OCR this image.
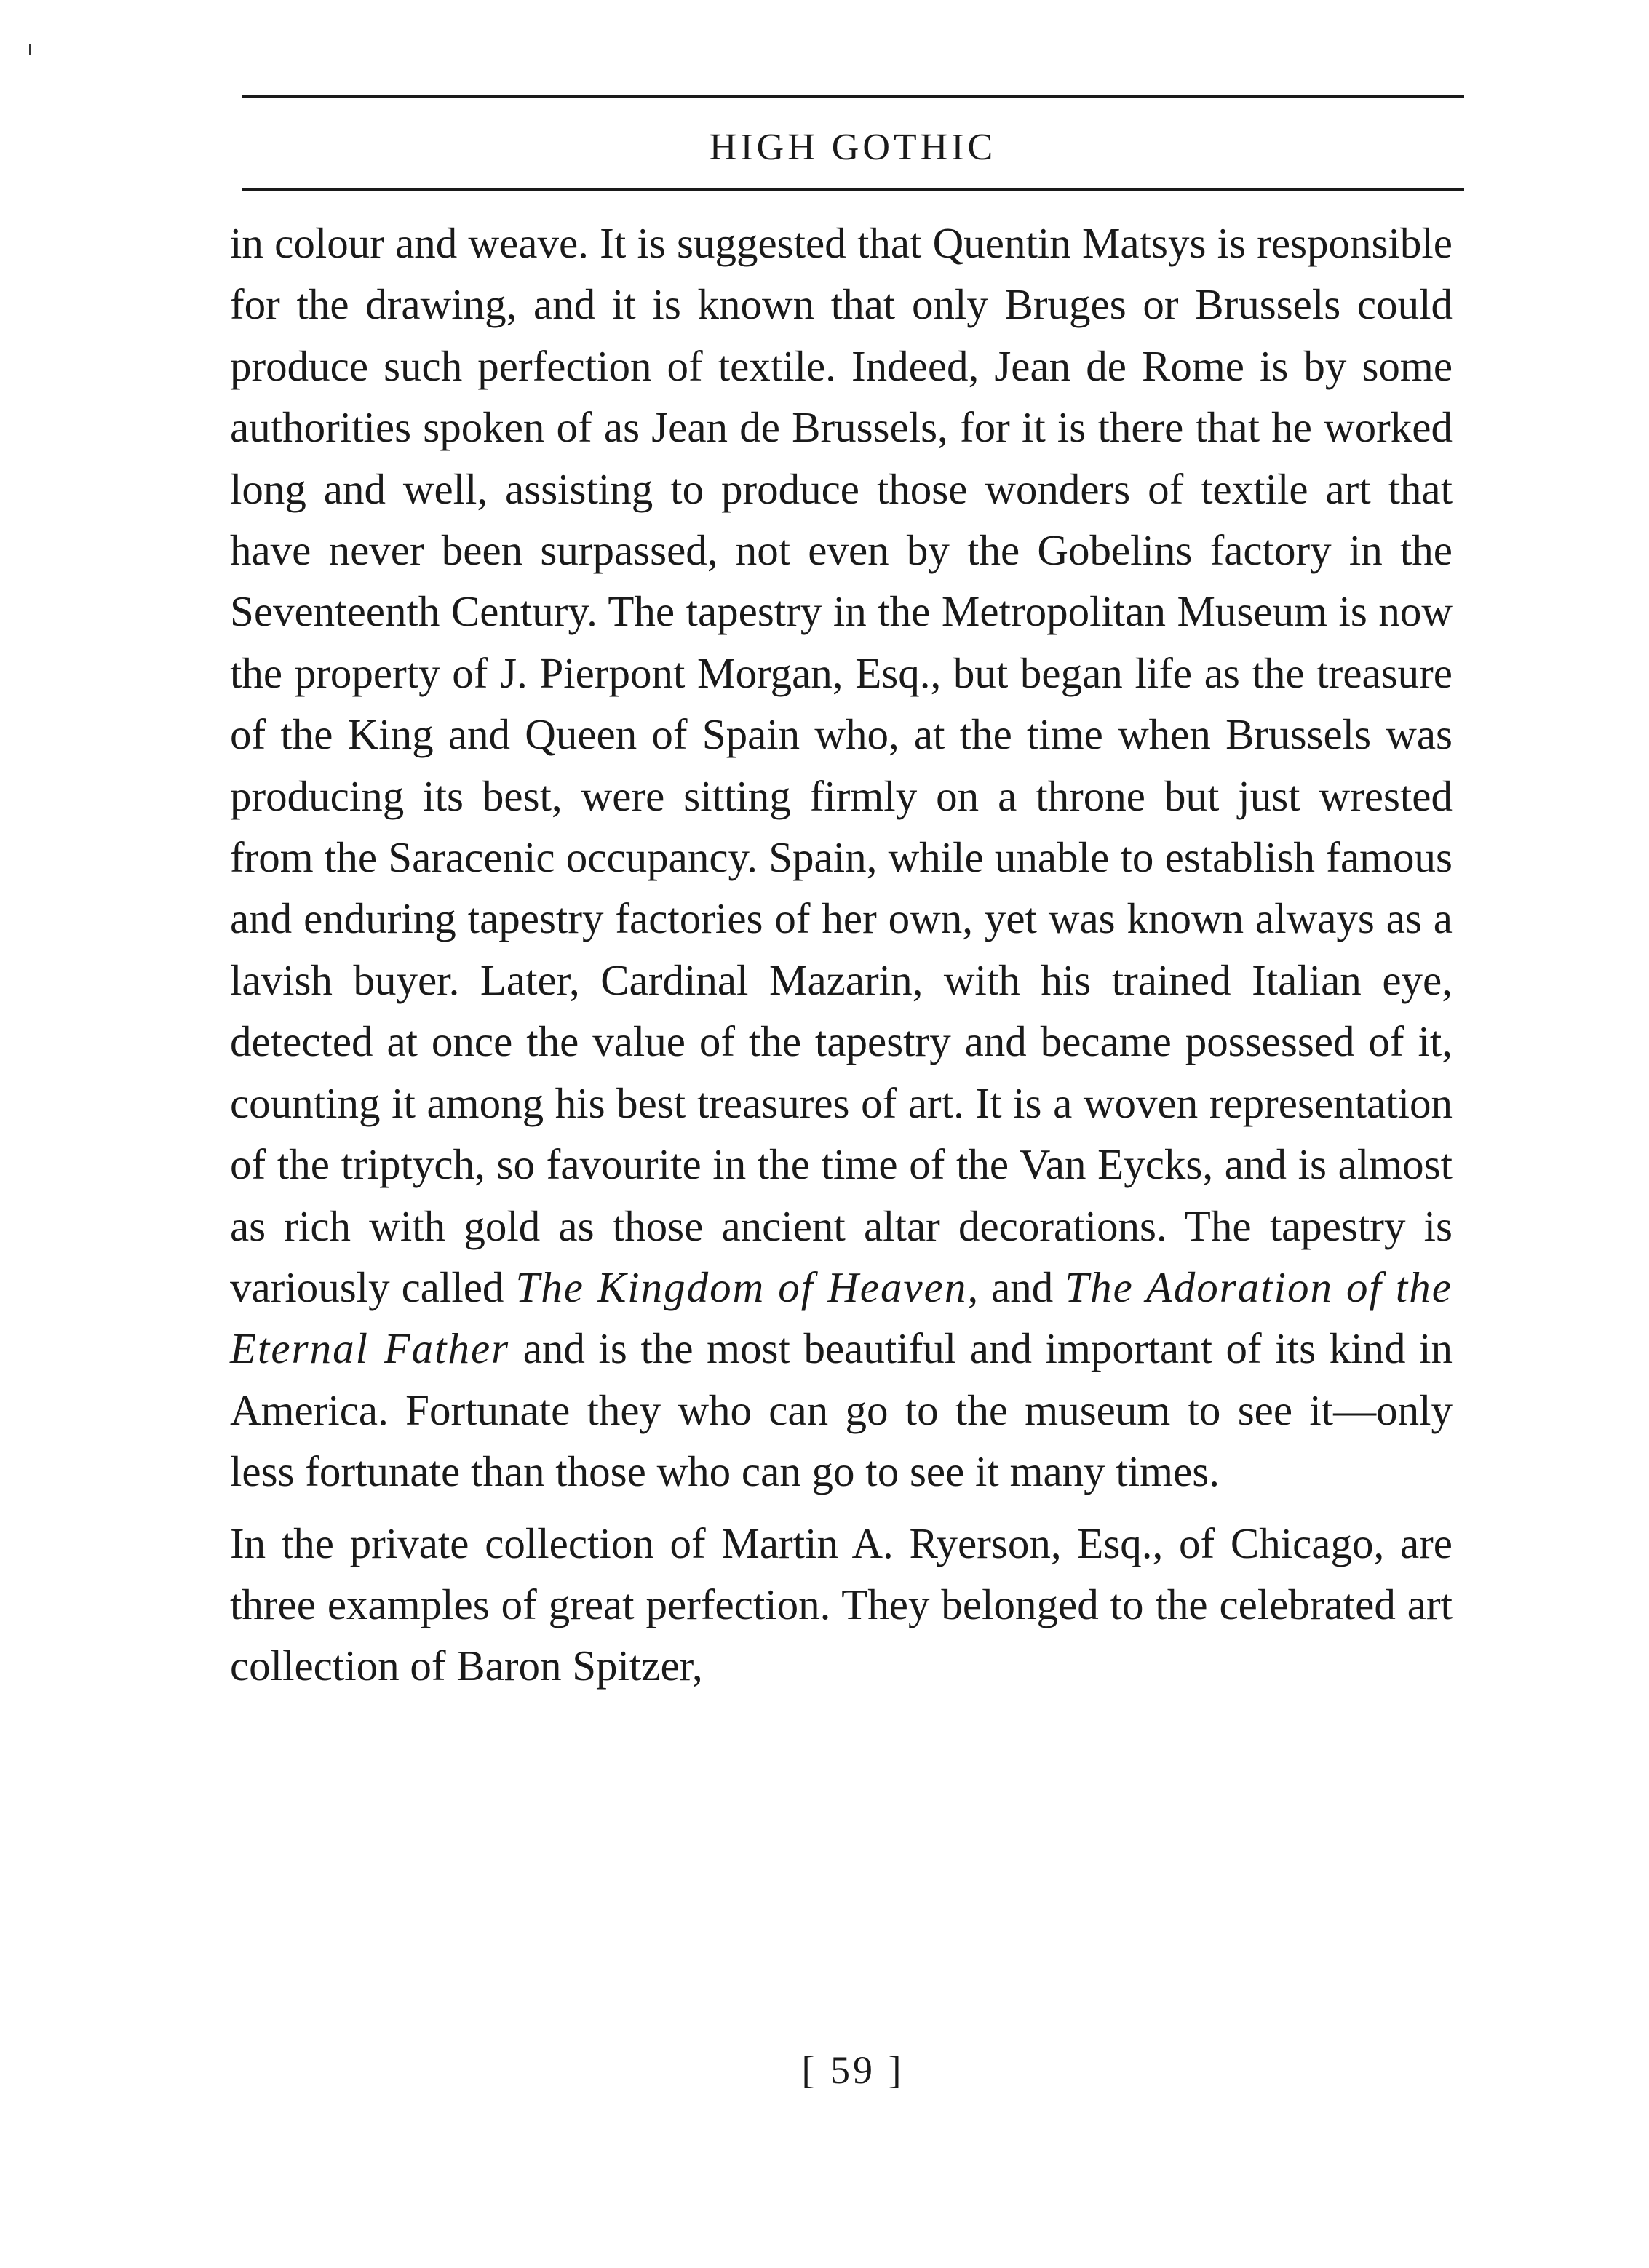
HIGH GOTHIC

in colour and weave. It is suggested that Quentin Matsys is responsible for the drawing, and it is known that only Bruges or Brussels could produce such perfection of textile. Indeed, Jean de Rome is by some authorities spoken of as Jean de Brussels, for it is there that he worked long and well, assisting to produce those wonders of textile art that have never been surpassed, not even by the Gobelins factory in the Seventeenth Century. The tapestry in the Metropolitan Museum is now the property of J. Pierpont Morgan, Esq., but began life as the treasure of the King and Queen of Spain who, at the time when Brussels was producing its best, were sitting firmly on a throne but just wrested from the Saracenic occupancy. Spain, while unable to establish famous and enduring tapestry factories of her own, yet was known always as a lavish buyer. Later, Cardinal Mazarin, with his trained Italian eye, detected at once the value of the tapestry and became possessed of it, counting it among his best treasures of art. It is a woven representation of the triptych, so favourite in the time of the Van Eycks, and is almost as rich with gold as those ancient altar decorations. The tapestry is variously called The Kingdom of Heaven, and The Adoration of the Eternal Father and is the most beautiful and important of its kind in America. Fortunate they who can go to the museum to see it—only less fortunate than those who can go to see it many times.

In the private collection of Martin A. Ryerson, Esq., of Chicago, are three examples of great perfection. They belonged to the celebrated art collection of Baron Spitzer,

[ 59 ]
